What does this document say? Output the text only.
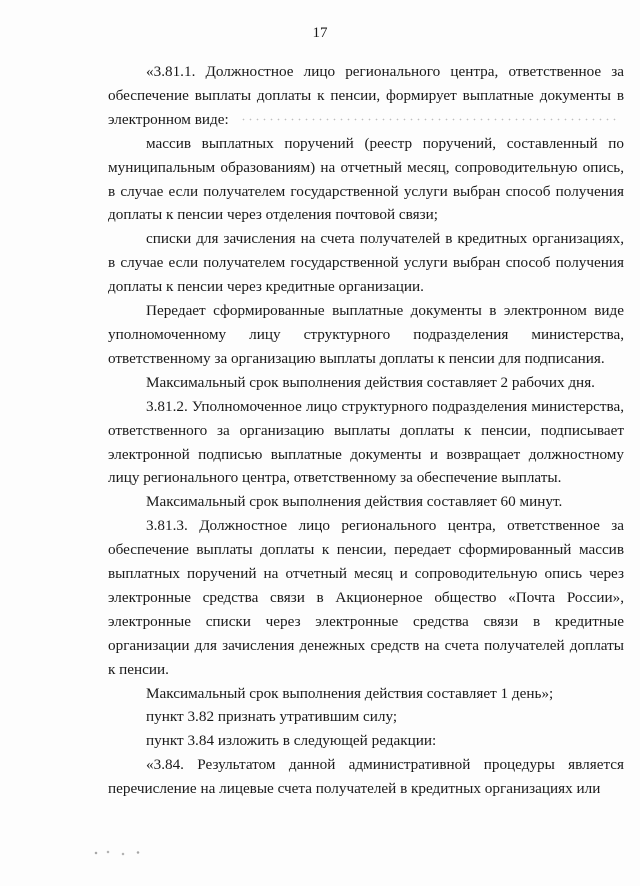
17

«3.81.1. Должностное лицо регионального центра, ответственное за обеспечение выплаты доплаты к пенсии, формирует выплатные документы в электронном виде:

массив выплатных поручений (реестр поручений, составленный по муниципальным образованиям) на отчетный месяц, сопроводительную опись, в случае если получателем государственной услуги выбран способ получения доплаты к пенсии через отделения почтовой связи;

списки для зачисления на счета получателей в кредитных организациях, в случае если получателем государственной услуги выбран способ получения доплаты к пенсии через кредитные организации.

Передает сформированные выплатные документы в электронном виде уполномоченному лицу структурного подразделения министерства, ответственному за организацию выплаты доплаты к пенсии для подписания.

Максимальный срок выполнения действия составляет 2 рабочих дня.

3.81.2. Уполномоченное лицо структурного подразделения министерства, ответственного за организацию выплаты доплаты к пенсии, подписывает электронной подписью выплатные документы и возвращает должностному лицу регионального центра, ответственному за обеспечение выплаты.

Максимальный срок выполнения действия составляет 60 минут.

3.81.3. Должностное лицо регионального центра, ответственное за обеспечение выплаты доплаты к пенсии, передает сформированный массив выплатных поручений на отчетный месяц и сопроводительную опись через электронные средства связи в Акционерное общество «Почта России», электронные списки через электронные средства связи в кредитные организации для зачисления денежных средств на счета получателей доплаты к пенсии.

Максимальный срок выполнения действия составляет 1 день»;

пункт 3.82 признать утратившим силу;

пункт 3.84 изложить в следующей редакции:

«3.84. Результатом данной административной процедуры является перечисление на лицевые счета получателей в кредитных организациях или
